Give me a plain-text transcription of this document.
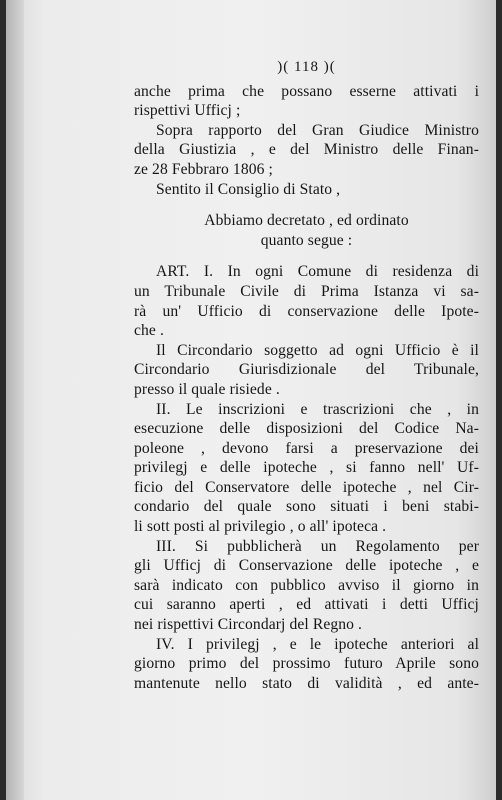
)( 118 )(
anche prima che possano esserne attivati i
rispettivi Ufficj ;
Sopra rapporto del Gran Giudice Ministro
della Giustizia , e del Ministro delle Finan-
ze 28 Febbraro 1806 ;
Sentito il Consiglio di Stato ,
Abbiamo decretato , ed ordinato
quanto segue :
ART. I. In ogni Comune di residenza di
un Tribunale Civile di Prima Istanza vi sa-
rà un' Ufficio di conservazione delle Ipote-
che .
Il Circondario soggetto ad ogni Ufficio è il
Circondario Giurisdizionale del Tribunale,
presso il quale risiede .
II. Le inscrizioni e trascrizioni che , in
esecuzione delle disposizioni del Codice Na-
poleone , devono farsi a preservazione dei
privilegj e delle ipoteche , si fanno nell' Uf-
ficio del Conservatore delle ipoteche , nel Cir-
condario del quale sono situati i beni stabi-
li sott posti al privilegio , o all' ipoteca .
III. Si pubblicherà un Regolamento per
gli Ufficj di Conservazione delle ipoteche , e
sarà indicato con pubblico avviso il giorno in
cui saranno aperti , ed attivati i detti Ufficj
nei rispettivi Circondarj del Regno .
IV. I privilegj , e le ipoteche anteriori al
giorno primo del prossimo futuro Aprile sono
mantenute nello stato di validità , ed ante-
